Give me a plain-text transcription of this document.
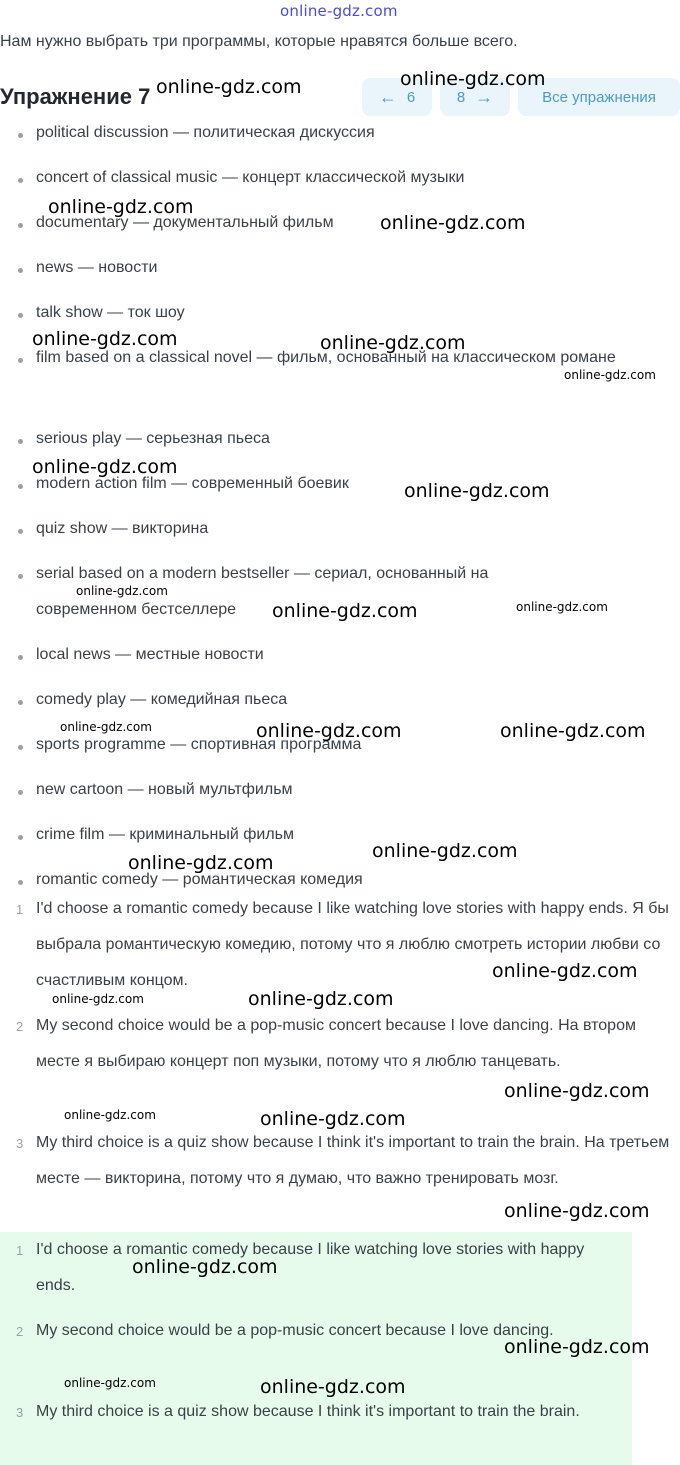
online-gdz.com
Нам нужно выбрать три программы, которые нравятся больше всего.
Упражнение 7	← 6	8 →	Все упражнения
political discussion — политическая дискуссия
concert of classical music — концерт классической музыки
documentary — документальный фильм
news — новости
talk show — ток шоу
film based on a classical novel — фильм, основанный на классическом романе
serious play — серьезная пьеса
modern action film — современный боевик
quiz show — викторина
serial based on a modern bestseller — сериал, основанный на современном бестселлере
local news — местные новости
comedy play — комедийная пьеса
sports programme — спортивная программа
new cartoon — новый мультфильм
crime film — криминальный фильм
romantic comedy — романтическая комедия
1 I'd choose a romantic comedy because I like watching love stories with happy ends. Я бы выбрала романтическую комедию, потому что я люблю смотреть истории любви со счастливым концом.
2 My second choice would be a pop-music concert because I love dancing. На втором месте я выбираю концерт поп музыки, потому что я люблю танцевать.
3 My third choice is a quiz show because I think it's important to train the brain. На третьем месте — викторина, потому что я думаю, что важно тренировать мозг.
1 I'd choose a romantic comedy because I like watching love stories with happy ends.
2 My second choice would be a pop-music concert because I love dancing.
3 My third choice is a quiz show because I think it's important to train the brain.
online-gdz.com	online-gdz.com
online-gdz.com
online-gdz.com
online-gdz.com	online-gdz.com
online-gdz.com
online-gdz.com
online-gdz.com
online-gdz.com
online-gdz.com	online-gdz.com
online-gdz.com	online-gdz.com	online-gdz.com
online-gdz.com
online-gdz.com
online-gdz.com
online-gdz.com	online-gdz.com
online-gdz.com
online-gdz.com	online-gdz.com
online-gdz.com
online-gdz.com
online-gdz.com
online-gdz.com	online-gdz.com
